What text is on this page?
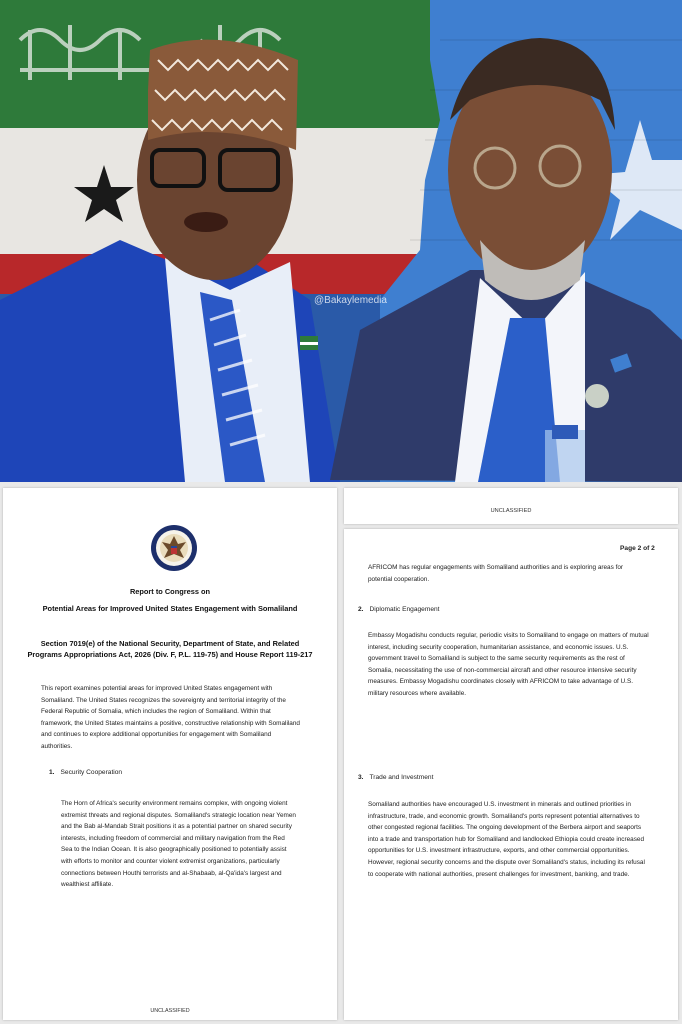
@Bakaylemedia
Report to Congress on
Potential Areas for Improved United States Engagement with Somaliland
Section 7019(e) of the National Security, Department of State, and Related Programs Appropriations Act, 2026 (Div. F, P.L. 119-75) and House Report 119-217
This report examines potential areas for improved United States engagement with Somaliland. The United States recognizes the sovereignty and territorial integrity of the Federal Republic of Somalia, which includes the region of Somaliland. Within that framework, the United States maintains a positive, constructive relationship with Somaliland and continues to explore additional opportunities for engagement with Somaliland authorities.
1. Security Cooperation
The Horn of Africa's security environment remains complex, with ongoing violent extremist threats and regional disputes. Somaliland's strategic location near Yemen and the Bab al-Mandab Strait positions it as a potential partner on shared security interests, including freedom of commercial and military navigation from the Red Sea to the Indian Ocean. It is also geographically positioned to potentially assist with efforts to monitor and counter violent extremist organizations, particularly connections between Houthi terrorists and al-Shabaab, al-Qa'ida's largest and wealthiest affiliate.
UNCLASSIFIED
UNCLASSIFIED
Page 2 of 2
AFRICOM has regular engagements with Somaliland authorities and is exploring areas for potential cooperation.
2. Diplomatic Engagement
Embassy Mogadishu conducts regular, periodic visits to Somaliland to engage on matters of mutual interest, including security cooperation, humanitarian assistance, and economic issues. U.S. government travel to Somaliland is subject to the same security requirements as the rest of Somalia, necessitating the use of non-commercial aircraft and other resource intensive security measures. Embassy Mogadishu coordinates closely with AFRICOM to take advantage of U.S. military resources where available.
3. Trade and Investment
Somaliland authorities have encouraged U.S. investment in minerals and outlined priorities in infrastructure, trade, and economic growth. Somaliland's ports represent potential alternatives to other congested regional facilities. The ongoing development of the Berbera airport and seaports into a trade and transportation hub for Somaliland and landlocked Ethiopia could create increased opportunities for U.S. investment infrastructure, exports, and other commercial opportunities. However, regional security concerns and the dispute over Somaliland's status, including its refusal to cooperate with national authorities, present challenges for investment, banking, and trade.
